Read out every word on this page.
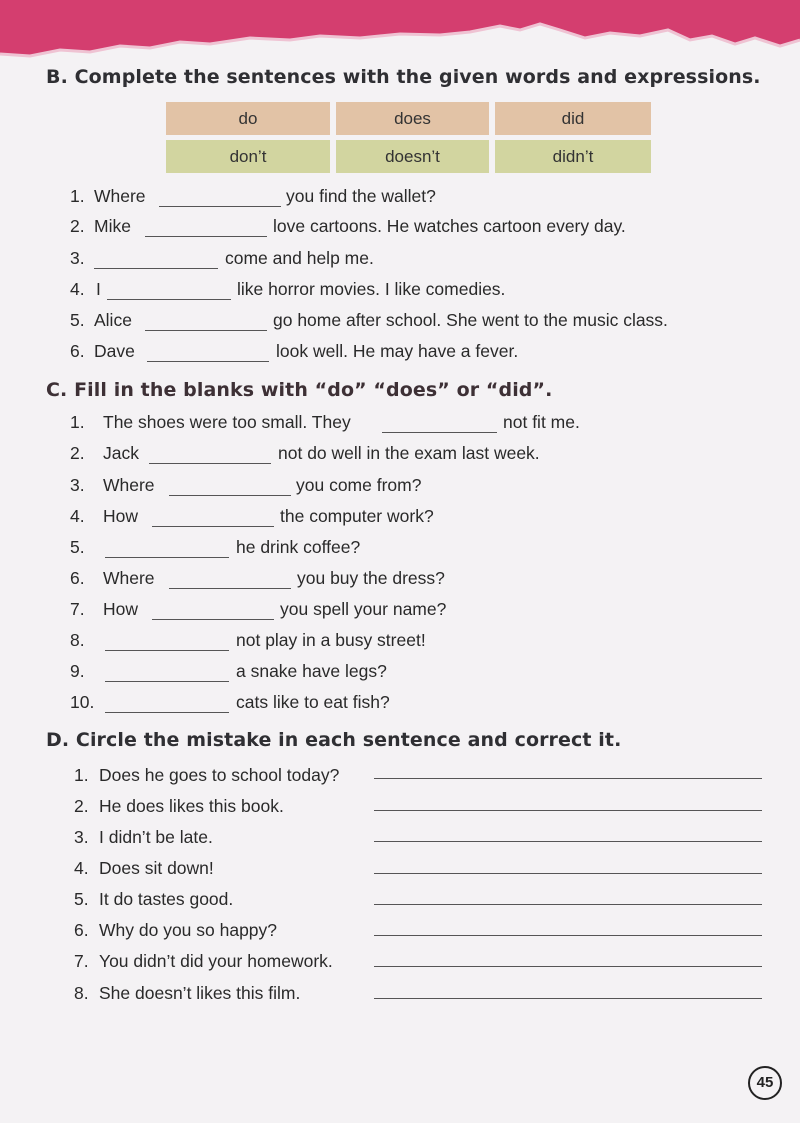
B. Complete the sentences with the given words and expressions.
do	does	did
don’t	doesn’t	didn’t
1. Where	you find the wallet?
2. Mike	love cartoons. He watches cartoon every day.
3.	come and help me.
4. I	like horror movies. I like comedies.
5. Alice	go home after school. She went to the music class.
6. Dave	look well. He may have a fever.
C. Fill in the blanks with “do” “does” or “did”.
1. The shoes were too small. They	not fit me.
2. Jack	not do well in the exam last week.
3. Where	you come from?
4. How	the computer work?
5.	he drink coffee?
6. Where	you buy the dress?
7. How	you spell your name?
8.	not play in a busy street!
9.	a snake have legs?
10.	cats like to eat fish?
D. Circle the mistake in each sentence and correct it.
1. Does he goes to school today?
2. He does likes this book.
3. I didn’t be late.
4. Does sit down!
5. It do tastes good.
6. Why do you so happy?
7. You didn’t did your homework.
8. She doesn’t likes this film.
45
